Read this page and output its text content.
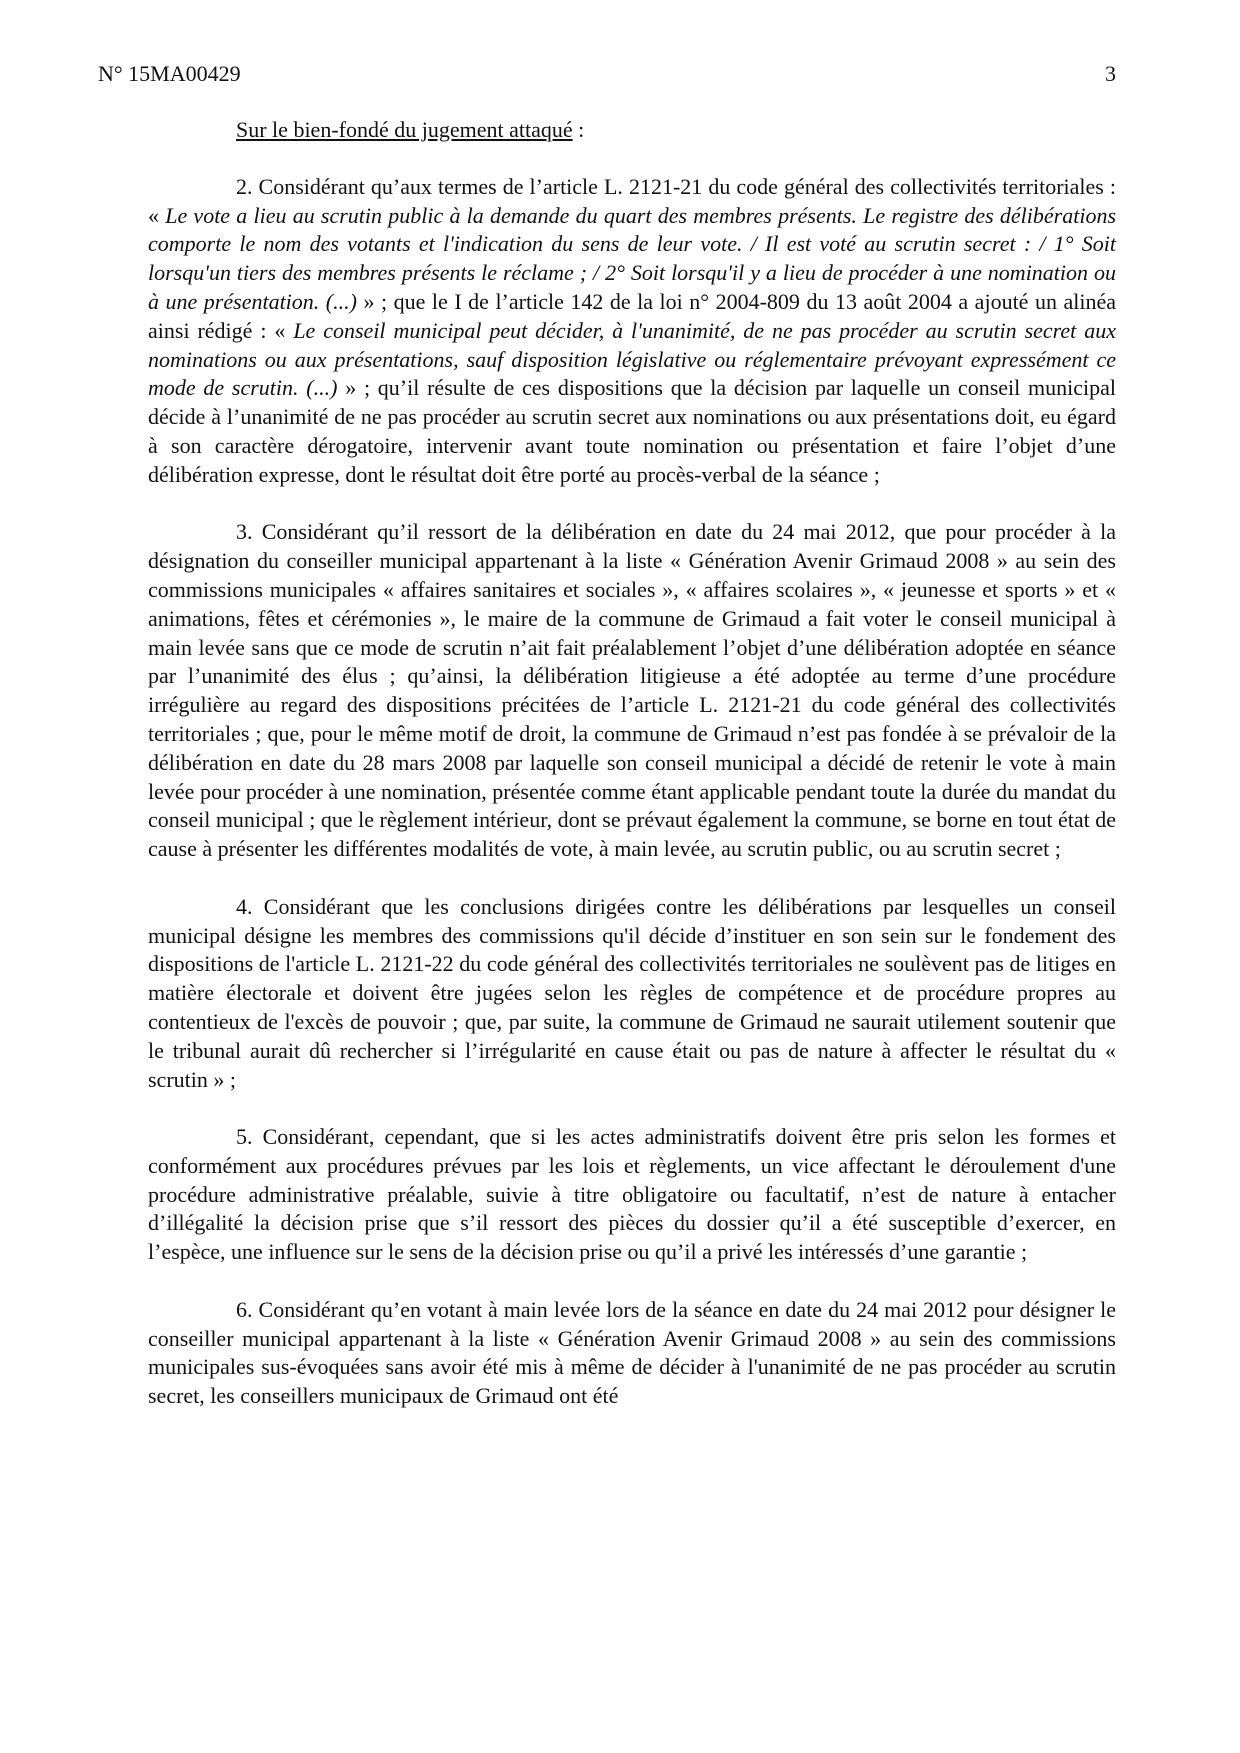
N° 15MA00429	3

Sur le bien-fondé du jugement attaqué :

2. Considérant qu’aux termes de l’article L. 2121-21 du code général des collectivités territoriales : « Le vote a lieu au scrutin public à la demande du quart des membres présents. Le registre des délibérations comporte le nom des votants et l'indication du sens de leur vote. / Il est voté au scrutin secret : / 1° Soit lorsqu'un tiers des membres présents le réclame ; / 2° Soit lorsqu'il y a lieu de procéder à une nomination ou à une présentation. (...) » ; que le I de l’article 142 de la loi n° 2004-809 du 13 août 2004 a ajouté un alinéa ainsi rédigé : « Le conseil municipal peut décider, à l'unanimité, de ne pas procéder au scrutin secret aux nominations ou aux présentations, sauf disposition législative ou réglementaire prévoyant expressément ce mode de scrutin. (...) » ; qu’il résulte de ces dispositions que la décision par laquelle un conseil municipal décide à l’unanimité de ne pas procéder au scrutin secret aux nominations ou aux présentations doit, eu égard à son caractère dérogatoire, intervenir avant toute nomination ou présentation et faire l’objet d’une délibération expresse, dont le résultat doit être porté au procès-verbal de la séance ;

3. Considérant qu’il ressort de la délibération en date du 24 mai 2012, que pour procéder à la désignation du conseiller municipal appartenant à la liste « Génération Avenir Grimaud 2008 » au sein des commissions municipales « affaires sanitaires et sociales », « affaires scolaires », « jeunesse et sports » et « animations, fêtes et cérémonies », le maire de la commune de Grimaud a fait voter le conseil municipal à main levée sans que ce mode de scrutin n’ait fait préalablement l’objet d’une délibération adoptée en séance par l’unanimité des élus ; qu’ainsi, la délibération litigieuse a été adoptée au terme d’une procédure irrégulière au regard des dispositions précitées de l’article L. 2121-21 du code général des collectivités territoriales ; que, pour le même motif de droit, la commune de Grimaud n’est pas fondée à se prévaloir de la délibération en date du 28 mars 2008 par laquelle son conseil municipal a décidé de retenir le vote à main levée pour procéder à une nomination, présentée comme étant applicable pendant toute la durée du mandat du conseil municipal ; que le règlement intérieur, dont se prévaut également la commune, se borne en tout état de cause à présenter les différentes modalités de vote, à main levée, au scrutin public, ou au scrutin secret ;

4. Considérant que les conclusions dirigées contre les délibérations par lesquelles un conseil municipal désigne les membres des commissions qu'il décide d’instituer en son sein sur le fondement des dispositions de l'article L. 2121-22 du code général des collectivités territoriales ne soulèvent pas de litiges en matière électorale et doivent être jugées selon les règles de compétence et de procédure propres au contentieux de l'excès de pouvoir ; que, par suite, la commune de Grimaud ne saurait utilement soutenir que le tribunal aurait dû rechercher si l’irrégularité en cause était ou pas de nature à affecter le résultat du « scrutin » ;

5. Considérant, cependant, que si les actes administratifs doivent être pris selon les formes et conformément aux procédures prévues par les lois et règlements, un vice affectant le déroulement d'une procédure administrative préalable, suivie à titre obligatoire ou facultatif, n’est de nature à entacher d’illégalité la décision prise que s’il ressort des pièces du dossier qu’il a été susceptible d’exercer, en l’espèce, une influence sur le sens de la décision prise ou qu’il a privé les intéressés d’une garantie ;

6. Considérant qu’en votant à main levée lors de la séance en date du 24 mai 2012 pour désigner le conseiller municipal appartenant à la liste « Génération Avenir Grimaud 2008 » au sein des commissions municipales sus-évoquées sans avoir été mis à même de décider à l'unanimité de ne pas procéder au scrutin secret, les conseillers municipaux de Grimaud ont été
